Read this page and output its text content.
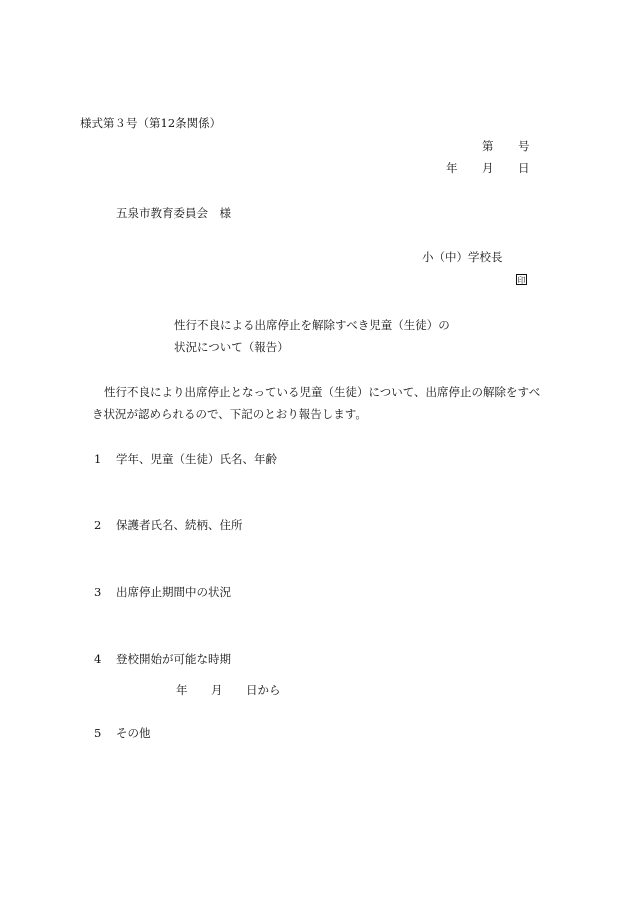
様式第３号（第12条関係）
第 号
年 月 日
五泉市教育委員会　様
小（中）学校長
印
性行不良による出席停止を解除すべき児童（生徒）の
状況について（報告）
性行不良により出席停止となっている児童（生徒）について、出席停止の解除をすべ
き状況が認められるので、下記のとおり報告します。
1 学年、児童（生徒）氏名、年齢
2 保護者氏名、続柄、住所
3 出席停止期間中の状況
4 登校開始が可能な時期
年 月 日から
5 その他
